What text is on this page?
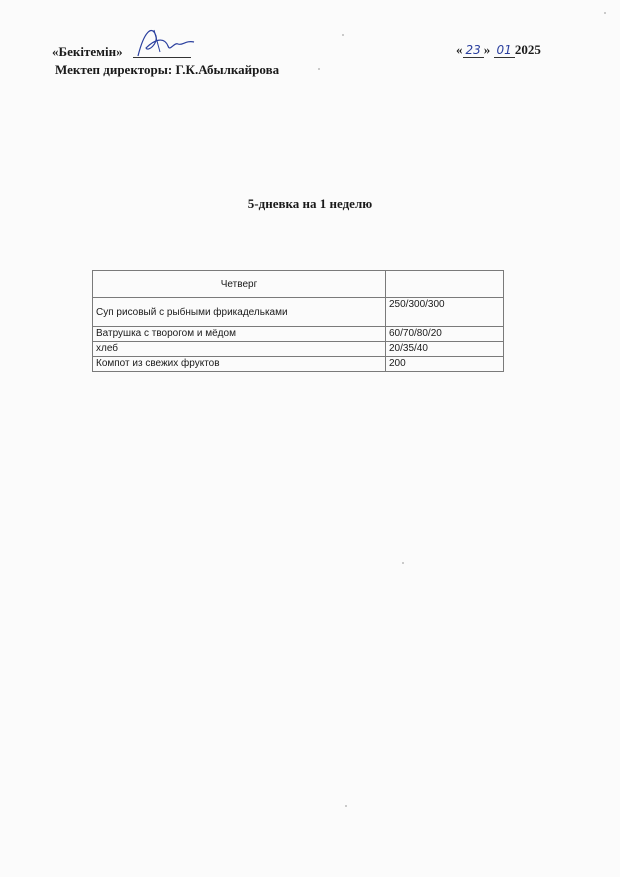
«Бекітемін»
Мектеп директоры: Г.К.Абылкайрова
« 23 » 01 2025
5-дневка на 1 неделю
Четверг	
Суп рисовый с рыбными фрикадельками	250/300/300
Ватрушка с творогом и мёдом	60/70/80/20
хлеб	20/35/40
Компот из свежих фруктов	200
